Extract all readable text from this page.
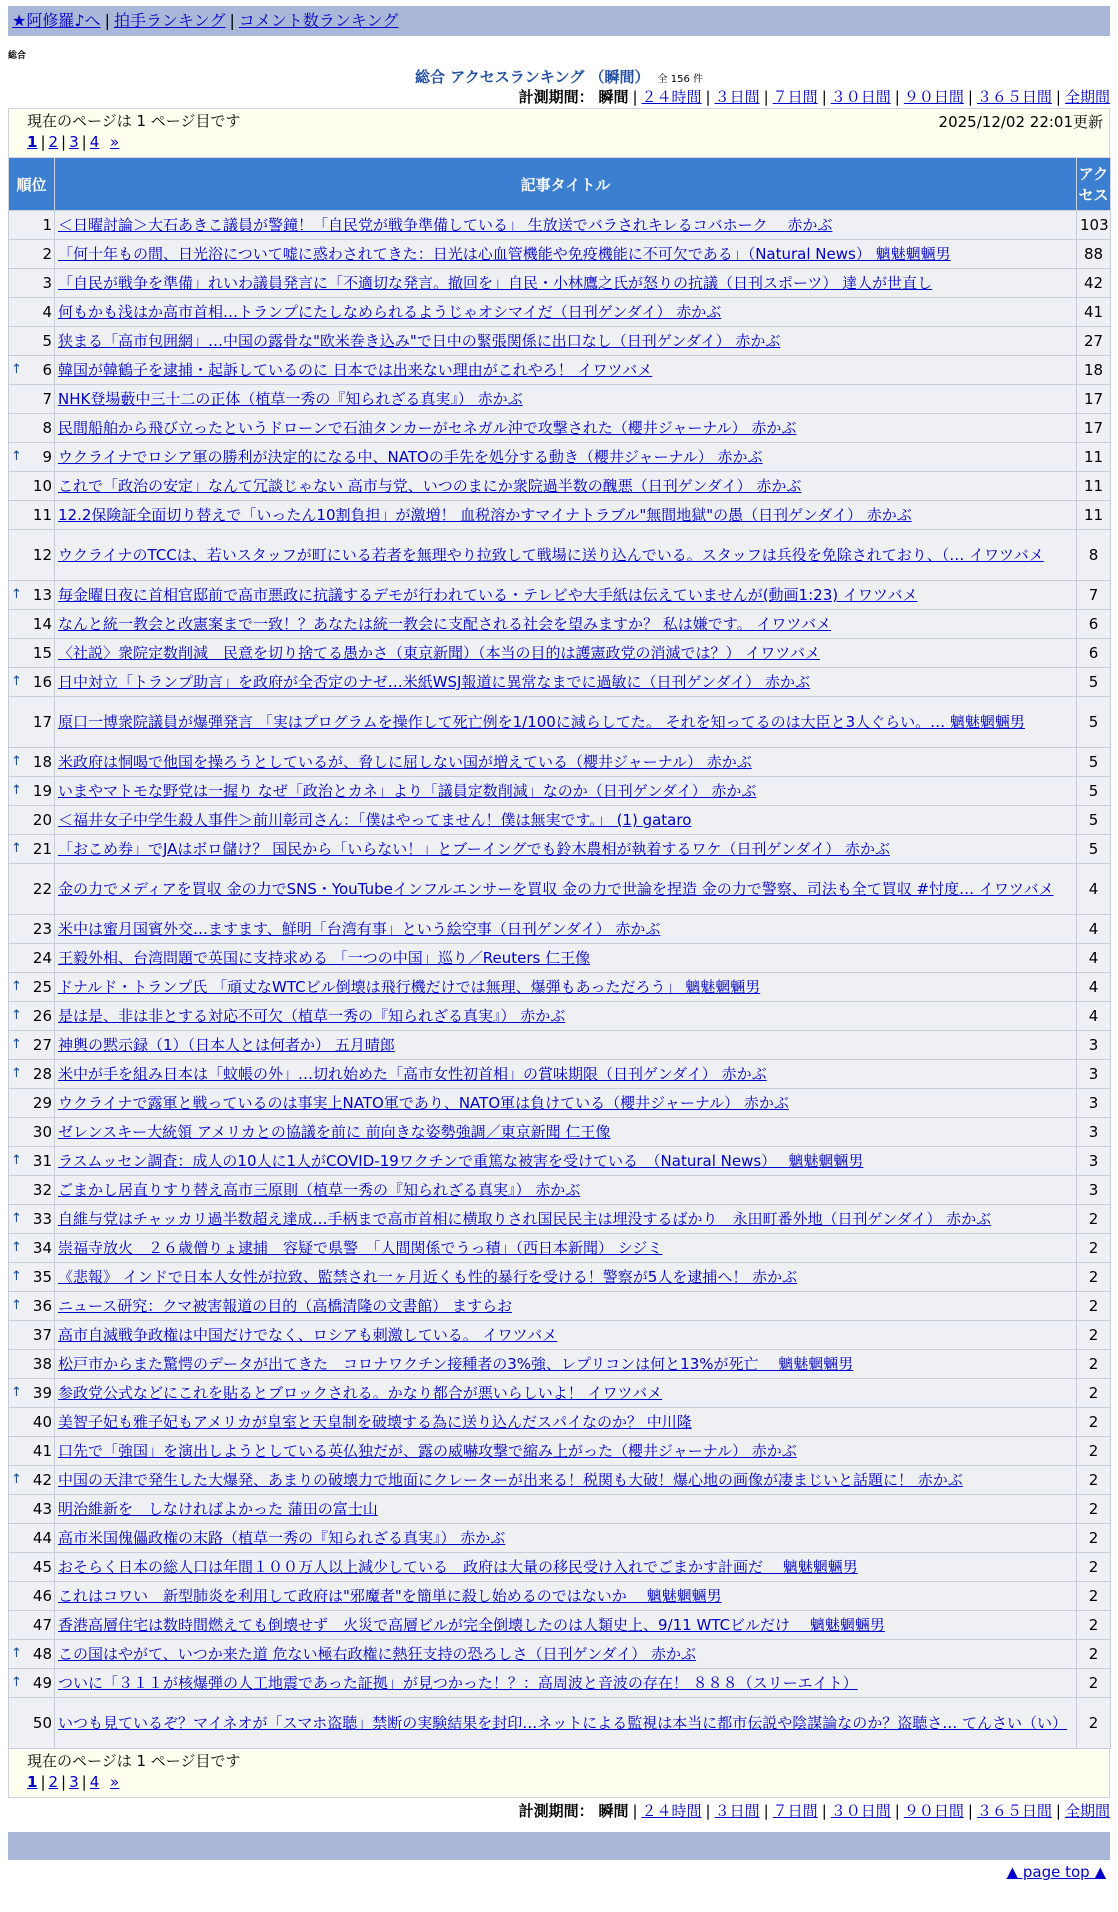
★阿修羅♪へ | 拍手ランキング | コメント数ランキング
総合
総合 アクセスランキング （瞬間） 全 156 件
計測期間： 瞬間 | ２４時間 | ３日間 | ７日間 | ３０日間 | ９０日間 | ３６５日間 | 全期間
現在のページは 1 ページ目です	2025/12/02 22:01更新
1 | 2 | 3 | 4 »
順位	記事タイトル	アクセス
1	＜日曜討論＞大石あきこ議員が警鐘！「自民党が戦争準備している」 生放送でバラされキレるコバホーク　 赤かぶ	103
2	「何十年もの間、日光浴について嘘に惑わされてきた：日光は心血管機能や免疫機能に不可欠である」（Natural News） 魑魅魍魎男	88
3	「自民が戦争を準備」れいわ議員発言に「不適切な発言。撤回を」自民・小林鷹之氏が怒りの抗議（日刊スポーツ） 達人が世直し	42
4	何もかも浅はか高市首相…トランプにたしなめられるようじゃオシマイだ（日刊ゲンダイ） 赤かぶ	41
5	狭まる「高市包囲網」…中国の露骨な"欧米巻き込み"で日中の緊張関係に出口なし（日刊ゲンダイ） 赤かぶ	27

↑ 6	韓国が韓鶴子を逮捕・起訴しているのに 日本では出来ない理由がこれやろ！ イワツバメ	18
7	NHK登場藪中三十二の正体（植草一秀の『知られざる真実』） 赤かぶ	17
8	民間船舶から飛び立ったというドローンで石油タンカーがセネガル沖で攻撃された（櫻井ジャーナル） 赤かぶ	17

↑ 9	ウクライナでロシア軍の勝利が決定的になる中、NATOの手先を処分する動き（櫻井ジャーナル） 赤かぶ	11
10	これで「政治の安定」なんて冗談じゃない 高市与党、いつのまにか衆院過半数の醜悪（日刊ゲンダイ） 赤かぶ	11
11	12.2保険証全面切り替えで「いったん10割負担」が激増！ 血税溶かすマイナトラブル"無間地獄"の愚（日刊ゲンダイ） 赤かぶ	11
12	ウクライナのTCCは、若いスタッフが町にいる若者を無理やり拉致して戦場に送り込んでいる。スタッフは兵役を免除されており、（… イワツバメ	8

↑ 13	毎金曜日夜に首相官邸前で高市悪政に抗議するデモが行われている・テレビや大手紙は伝えていませんが(動画1:23) イワツバメ	7
14	なんと統一教会と改憲案まで一致！？あなたは統一教会に支配される社会を望みますか？ 私は嫌です。 イワツバメ	6
15	〈社説〉衆院定数削減　民意を切り捨てる愚かさ（東京新聞）（本当の目的は護憲政党の消滅では？） イワツバメ	6

↑ 16	日中対立「トランプ助言」を政府が全否定のナゼ…米紙WSJ報道に異常なまでに過敏に（日刊ゲンダイ） 赤かぶ	5
17	原口一博衆院議員が爆弾発言 「実はプログラムを操作して死亡例を1/100に減らしてた。 それを知ってるのは大臣と3人ぐらい。… 魑魅魍魎男	5

↑ 18	米政府は恫喝で他国を操ろうとしているが、脅しに屈しない国が増えている（櫻井ジャーナル） 赤かぶ	5

↑ 19	いまやマトモな野党は一握り なぜ「政治とカネ」より「議員定数削減」なのか（日刊ゲンダイ） 赤かぶ	5
20	＜福井女子中学生殺人事件＞前川彰司さん：「僕はやってません！僕は無実です。」 (1) gataro	5

↑ 21	「おこめ券」でJAはボロ儲け？ 国民から「いらない！」とブーイングでも鈴木農相が執着するワケ（日刊ゲンダイ） 赤かぶ	5
22	金の力でメディアを買収 金の力でSNS・YouTubeインフルエンサーを買収 金の力で世論を捏造 金の力で警察、司法も全て買収 #忖度… イワツバメ	4
23	米中は蜜月国賓外交…ますます、鮮明「台湾有事」という絵空事（日刊ゲンダイ） 赤かぶ	4
24	王毅外相、台湾問題で英国に支持求める 「一つの中国」巡り／Reuters 仁王像	4

↑ 25	ドナルド・トランプ氏 「頑丈なWTCビル倒壊は飛行機だけでは無理、爆弾もあっただろう」 魑魅魍魎男	4

↑ 26	是は是、非は非とする対応不可欠（植草一秀の『知られざる真実』） 赤かぶ	4

↑ 27	神輿の黙示録（1）（日本人とは何者か） 五月晴郎	3

↑ 28	米中が手を組み日本は「蚊帳の外」…切れ始めた「高市女性初首相」の賞味期限（日刊ゲンダイ） 赤かぶ	3
29	ウクライナで露軍と戦っているのは事実上NATO軍であり、NATO軍は負けている（櫻井ジャーナル） 赤かぶ	3
30	ゼレンスキー大統領 アメリカとの協議を前に 前向きな姿勢強調／東京新聞 仁王像	3

↑ 31	ラスムッセン調査：成人の10人に1人がCOVID-19ワクチンで重篤な被害を受けている　（Natural News）　 魑魅魍魎男	3
32	ごまかし居直りすり替え高市三原則（植草一秀の『知られざる真実』） 赤かぶ	3

↑ 33	自維与党はチャッカリ過半数超え達成…手柄まで高市首相に横取りされ国民民主は埋没するばかり　永田町番外地（日刊ゲンダイ） 赤かぶ	2

↑ 34	崇福寺放火　２６歳僧りょ逮捕　容疑で県警　「人間関係でうっ積」（西日本新聞） シジミ	2

↑ 35	《悲報》 インドで日本人女性が拉致、監禁され一ヶ月近くも性的暴行を受ける！警察が5人を逮捕へ！ 赤かぶ	2

↑ 36	ニュース研究：クマ被害報道の目的（高橋清隆の文書館） ますらお	2
37	高市自滅戦争政権は中国だけでなく、ロシアも刺激している。 イワツバメ	2
38	松戸市からまた驚愕のデータが出てきた　コロナワクチン接種者の3%強、レプリコンは何と13%が死亡　 魑魅魍魎男	2

↑ 39	参政党公式などにこれを貼るとブロックされる。かなり都合が悪いらしいよ！ イワツバメ	2
40	美智子妃も雅子妃もアメリカが皇室と天皇制を破壊する為に送り込んだスパイなのか？ 中川隆	2
41	口先で「強国」を演出しようとしている英仏独だが、露の威嚇攻撃で縮み上がった（櫻井ジャーナル） 赤かぶ	2

↑ 42	中国の天津で発生した大爆発、あまりの破壊力で地面にクレーターが出来る！税関も大破！爆心地の画像が凄まじいと話題に！ 赤かぶ	2
43	明治維新を　しなければよかった 蒲田の富士山	2
44	高市米国傀儡政権の末路（植草一秀の『知られざる真実』） 赤かぶ	2
45	おそらく日本の総人口は年間１００万人以上減少している　政府は大量の移民受け入れでごまかす計画だ　 魑魅魍魎男	2
46	これはコワい　新型肺炎を利用して政府は"邪魔者"を簡単に殺し始めるのではないか　 魑魅魍魎男	2
47	香港高層住宅は数時間燃えても倒壊せず　火災で高層ビルが完全倒壊したのは人類史上、9/11 WTCビルだけ　 魑魅魍魎男	2

↑ 48	この国はやがて、いつか来た道 危ない極右政権に熱狂支持の恐ろしさ（日刊ゲンダイ） 赤かぶ	2

↑ 49	ついに「３１１が核爆弾の人工地震であった証拠」が見つかった！？：高周波と音波の存在！ ８８８（スリーエイト）	2
50	いつも見ているぞ？マイネオが「スマホ盗聴」禁断の実験結果を封印…ネットによる監視は本当に都市伝説や陰謀論なのか？盗聴さ… てんさい（い）	2
現在のページは 1 ページ目です
1 | 2 | 3 | 4 »
計測期間： 瞬間 | ２４時間 | ３日間 | ７日間 | ３０日間 | ９０日間 | ３６５日間 | 全期間
▲ page top ▲
